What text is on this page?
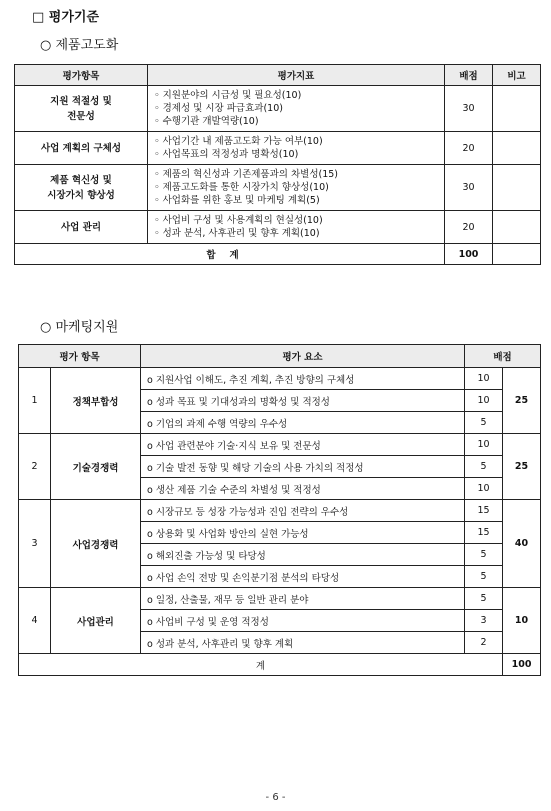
□ 평가기준
○ 제품고도화
평가항목	평가지표	배점	비고

지원 적절성 및
전문성	◦ 지원분야의 시급성 및 필요성(10)
◦ 경제성 및 시장 파급효과(10)
◦ 수행기관 개발역량(10)	30	

사업 계획의 구체성	◦ 사업기간 내 제품고도화 가능 여부(10)
◦ 사업목표의 적정성과 명확성(10)	20	

제품 혁신성 및
시장가치 향상성	◦ 제품의 혁신성과 기존제품과의 차별성(15)
◦ 제품고도화를 통한 시장가치 향상성(10)
◦ 사업화를 위한 홍보 및 마케팅 계획(5)	30	

사업 관리	◦ 사업비 구성 및 사용계획의 현실성(10)
◦ 성과 분석, 사후관리 및 향후 계획(10)	20	
합계		100	
○ 마케팅지원
평가 항목		평가 요소	배점	
1	정책부합성	o 지원사업 이해도, 추진 계획, 추진 방향의 구체성	10	25
		o 성과 목표 및 기대성과의 명확성 및 적정성	10	
		o 기업의 과제 수행 역량의 우수성	5	
2	기술경쟁력	o 사업 관련분야 기술·지식 보유 및 전문성	10	25
		o 기술 발전 동향 및 해당 기술의 사용 가치의 적정성	5	
		o 생산 제품 기술 수준의 차별성 및 적정성	10	
3	사업경쟁력	o 시장규모 등 성장 가능성과 진입 전략의 우수성	15	40
		o 상용화 및 사업화 방안의 실현 가능성	15	
		o 해외진출 가능성 및 타당성	5	
		o 사업 손익 전망 및 손익분기점 분석의 타당성	5	
4	사업관리	o 일정, 산출물, 재무 등 일반 관리 분야	5	10
		o 사업비 구성 및 운영 적정성	3	
		o 성과 분석, 사후관리 및 향후 계획	2	
계				100
- 6 -
